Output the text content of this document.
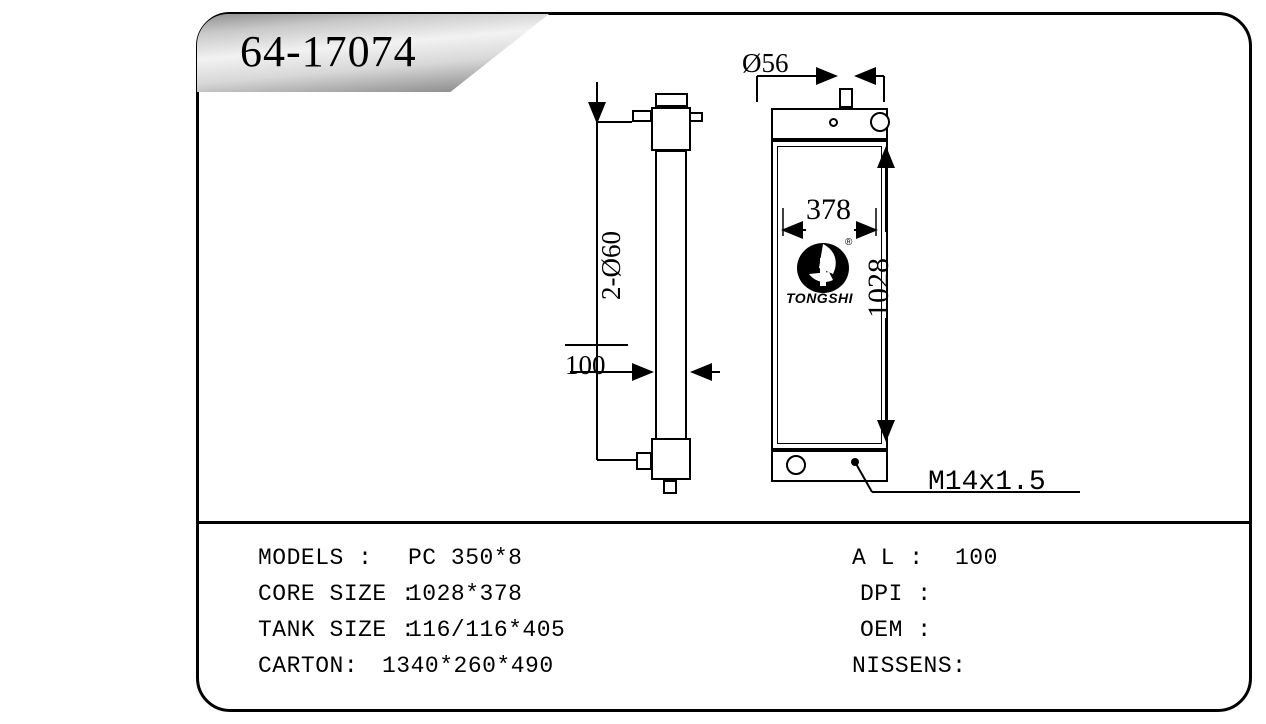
64-17074
®
TONGSHI
2-Ø60
100
Ø56
378
1028
M14x1.5
MODELS : PC 350*8
CORE SIZE :
1028*378
TANK SIZE :
116/116*405
CARTON: 1340*260*490
A L : 100
DPI :
OEM :
NISSENS:
